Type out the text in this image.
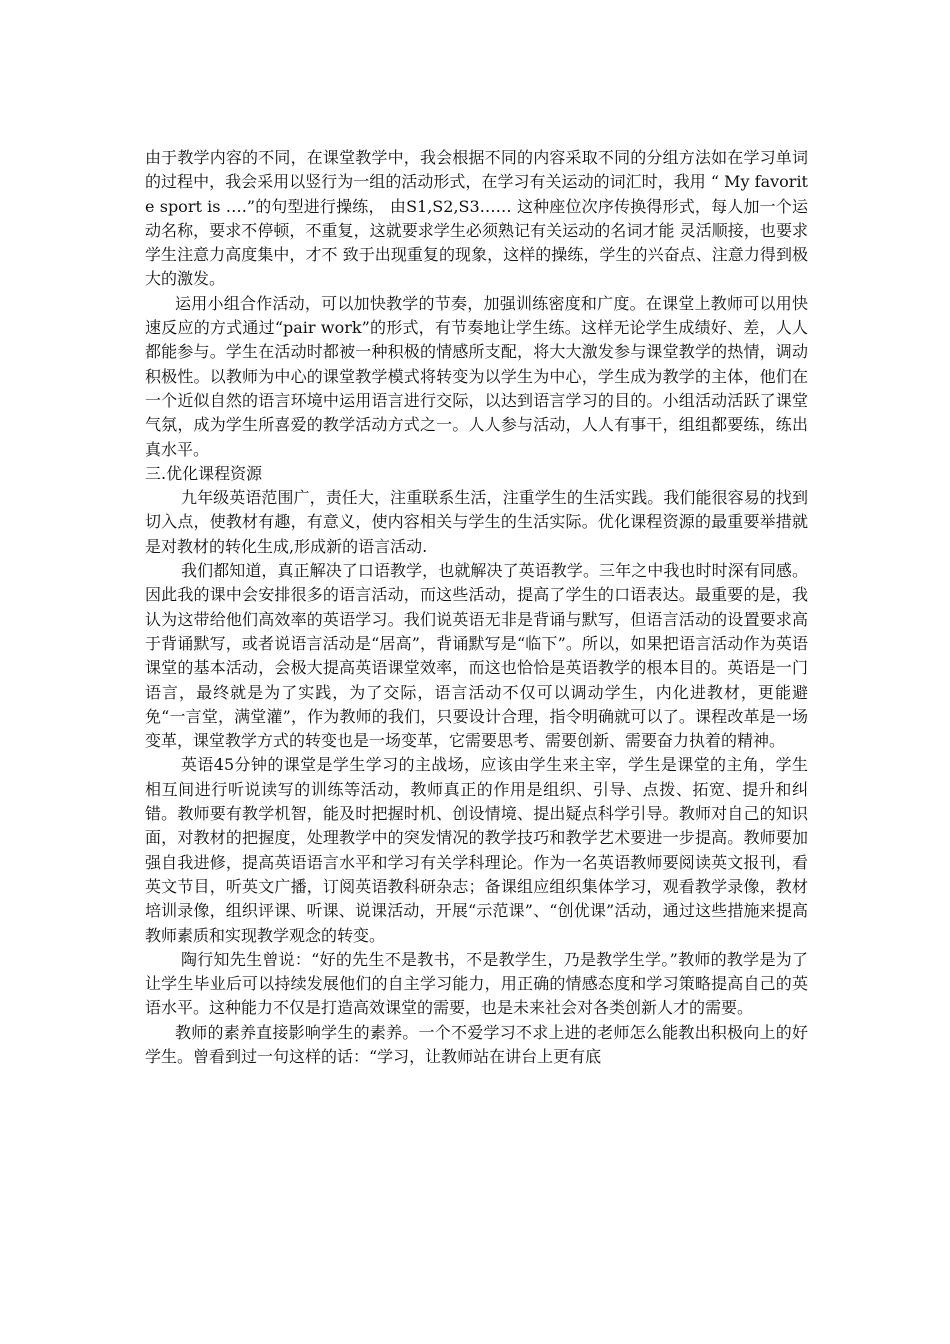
由于教学内容的不同，在课堂教学中，我会根据不同的内容采取不同的分组方法如在学习单词的过程中，我会采用以竖行为一组的活动形式，在学习有关运动的词汇时，我用 “ My favorite sport is ….”的句型进行操练， 由S1,S2,S3…… 这种座位次序传换得形式，每人加一个运动名称，要求不停顿，不重复，这就要求学生必须熟记有关运动的名词才能 灵活顺接，也要求学生注意力高度集中，才不 致于出现重复的现象，这样的操练，学生的兴奋点、注意力得到极大的激发。

运用小组合作活动，可以加快教学的节奏，加强训练密度和广度。在课堂上教师可以用快速反应的方式通过“pair work”的形式，有节奏地让学生练。这样无论学生成绩好、差，人人都能参与。学生在活动时都被一种积极的情感所支配，将大大激发参与课堂教学的热情，调动积极性。以教师为中心的课堂教学模式将转变为以学生为中心，学生成为教学的主体，他们在一个近似自然的语言环境中运用语言进行交际，以达到语言学习的目的。小组活动活跃了课堂气氛，成为学生所喜爱的教学活动方式之一。人人参与活动，人人有事干，组组都要练，练出真水平。

三.优化课程资源

九年级英语范围广，责任大，注重联系生活，注重学生的生活实践。我们能很容易的找到切入点，使教材有趣，有意义，使内容相关与学生的生活实际。优化课程资源的最重要举措就是对教材的转化生成,形成新的语言活动.

我们都知道，真正解决了口语教学，也就解决了英语教学。三年之中我也时时深有同感。因此我的课中会安排很多的语言活动，而这些活动，提高了学生的口语表达。最重要的是，我认为这带给他们高效率的英语学习。我们说英语无非是背诵与默写，但语言活动的设置要求高于背诵默写，或者说语言活动是“居高”，背诵默写是“临下”。所以，如果把语言活动作为英语课堂的基本活动，会极大提高英语课堂效率，而这也恰恰是英语教学的根本目的。英语是一门语言，最终就是为了实践，为了交际，语言活动不仅可以调动学生，内化进教材，更能避免“一言堂，满堂灌”，作为教师的我们，只要设计合理，指令明确就可以了。课程改革是一场变革，课堂教学方式的转变也是一场变革，它需要思考、需要创新、需要奋力执着的精神。

英语45分钟的课堂是学生学习的主战场，应该由学生来主宰，学生是课堂的主角，学生相互间进行听说读写的训练等活动，教师真正的作用是组织、引导、点拨、拓宽、提升和纠错。教师要有教学机智，能及时把握时机、创设情境、提出疑点科学引导。教师对自己的知识面，对教材的把握度，处理教学中的突发情况的教学技巧和教学艺术要进一步提高。教师要加强自我进修，提高英语语言水平和学习有关学科理论。作为一名英语教师要阅读英文报刊，看英文节目，听英文广播，订阅英语教科研杂志；备课组应组织集体学习，观看教学录像，教材培训录像，组织评课、听课、说课活动，开展“示范课”、“创优课”活动，通过这些措施来提高教师素质和实现教学观念的转变。

陶行知先生曾说：“好的先生不是教书，不是教学生，乃是教学生学。”教师的教学是为了让学生毕业后可以持续发展他们的自主学习能力，用正确的情感态度和学习策略提高自己的英语水平。这种能力不仅是打造高效课堂的需要，也是未来社会对各类创新人才的需要。

教师的素养直接影响学生的素养。一个不爱学习不求上进的老师怎么能教出积极向上的好学生。曾看到过一句这样的话：“学习，让教师站在讲台上更有底
